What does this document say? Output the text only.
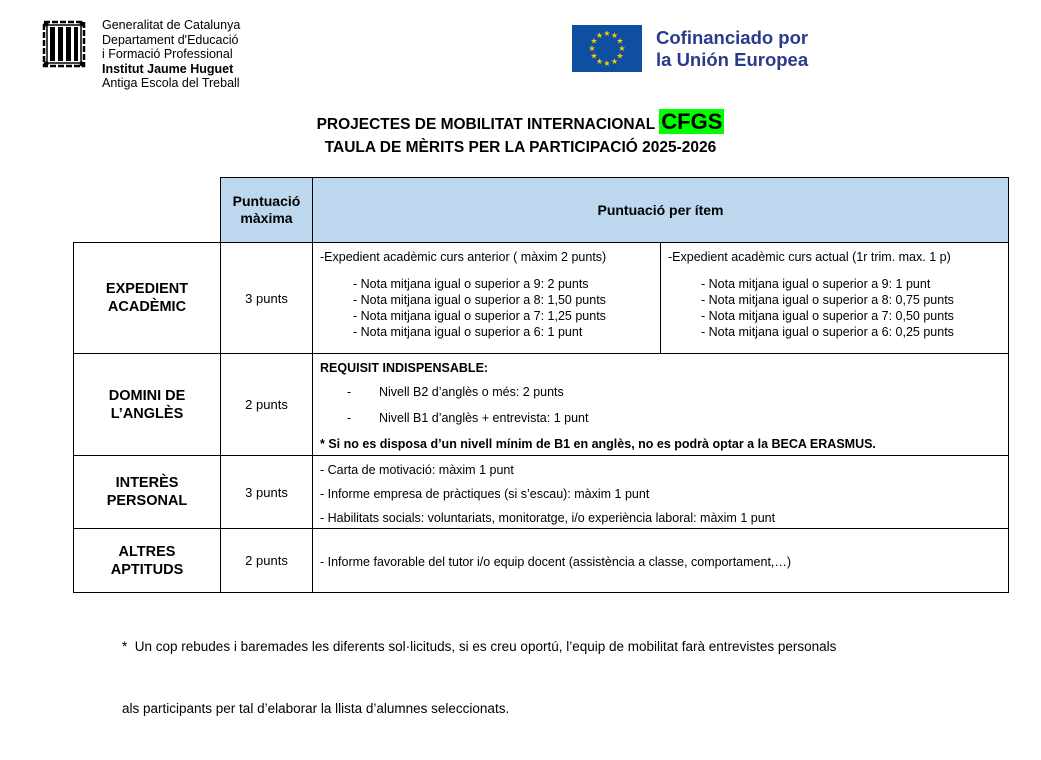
Generalitat de Catalunya
Departament d'Educació
i Formació Professional
Institut Jaume Huguet
Antiga Escola del Treball
★ ★
★
★
★
★
★
★
★
★
★
★	Cofinanciado por
la Unión Europea
PROJECTES DE MOBILITAT INTERNACIONAL CFGS
TAULA DE MÈRITS PER LA PARTICIPACIÓ 2025-2026
Puntuació màxima
Puntuació per ítem
EXPEDIENT ACADÈMIC
3 punts
-Expedient acadèmic curs anterior ( màxim 2 punts)
- Nota mitjana igual o superior a 9: 2 punts
- Nota mitjana igual o superior a 8: 1,50 punts
- Nota mitjana igual o superior a 7: 1,25 punts
- Nota mitjana igual o superior a 6: 1 punt
-Expedient acadèmic curs actual (1r trim. max. 1 p)
- Nota mitjana igual o superior a 9: 1 punt
- Nota mitjana igual o superior a 8: 0,75 punts
- Nota mitjana igual o superior a 7: 0,50 punts
- Nota mitjana igual o superior a 6: 0,25 punts
DOMINI DE L’ANGLÈS
2 punts
REQUISIT INDISPENSABLE:
-        Nivell B2 d’anglès o més: 2 punts
-        Nivell B1 d’anglès + entrevista: 1 punt
* Si no es disposa d’un nivell mínim de B1 en anglès, no es podrà optar a la BECA ERASMUS.
INTERÈS PERSONAL
3 punts
- Carta de motivació: màxim 1 punt
- Informe empresa de pràctiques (si s’escau): màxim 1 punt
- Habilitats socials: voluntariats, monitoratge, i/o experiència laboral: màxim 1 punt
ALTRES APTITUDS
2 punts	- Informe favorable del tutor i/o equip docent (assistència a classe, comportament,…)

*  Un cop rebudes i baremades les diferents sol·licituds, si es creu oportú, l’equip de mobilitat farà entrevistes personals

als participants per tal d’elaborar la llista d’alumnes seleccionats.
